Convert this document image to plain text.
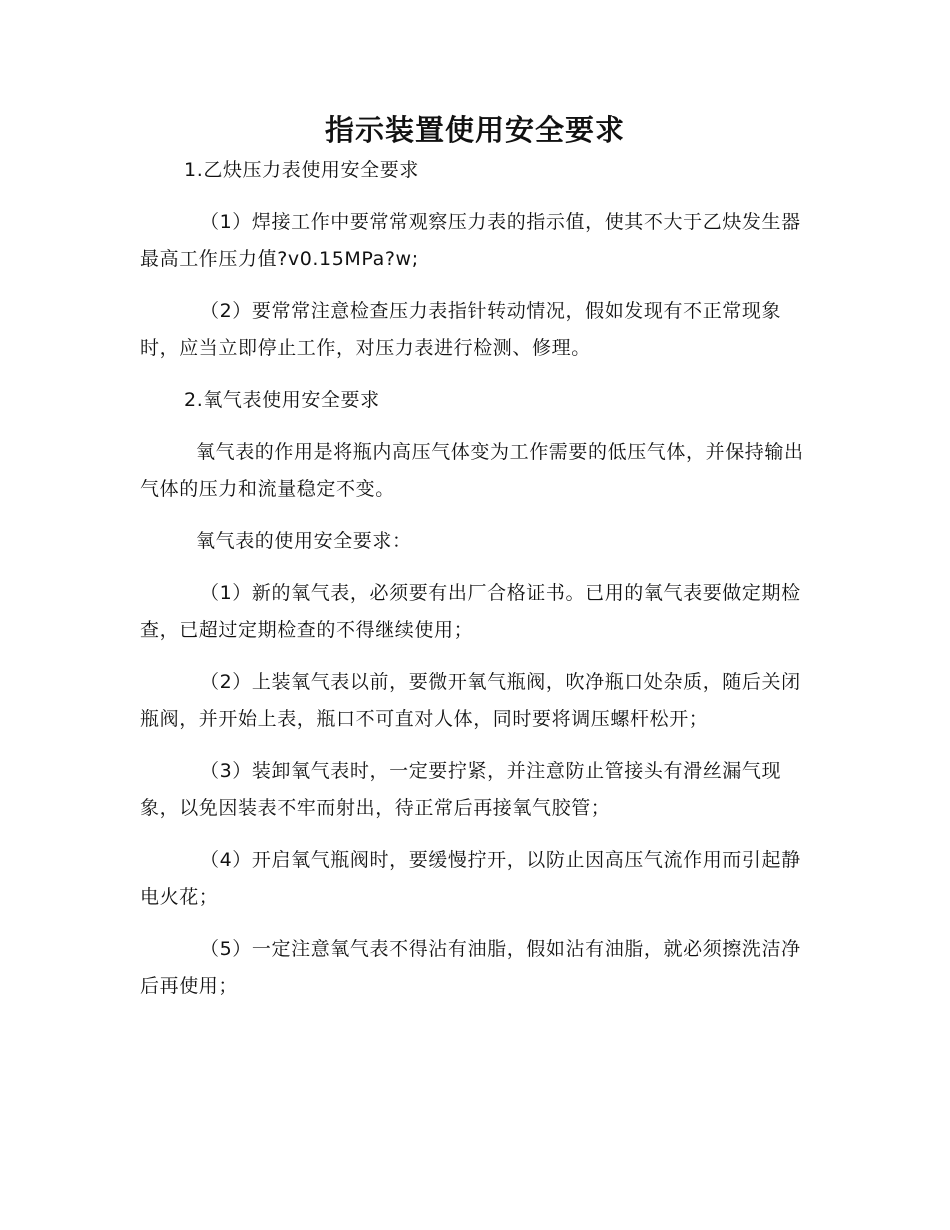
指示装置使用安全要求

1.乙炔压力表使用安全要求

（1）焊接工作中要常常观察压力表的指示值，使其不大于乙炔发生器最高工作压力值?v0.15MPa?w;

（2）要常常注意检查压力表指针转动情况，假如发现有不正常现象时，应当立即停止工作，对压力表进行检测、修理。

2.氧气表使用安全要求

氧气表的作用是将瓶内高压气体变为工作需要的低压气体，并保持输出气体的压力和流量稳定不变。

氧气表的使用安全要求：

（1）新的氧气表，必须要有出厂合格证书。已用的氧气表要做定期检查，已超过定期检查的不得继续使用；

（2）上装氧气表以前，要微开氧气瓶阀，吹净瓶口处杂质，随后关闭瓶阀，并开始上表，瓶口不可直对人体，同时要将调压螺杆松开；

（3）装卸氧气表时，一定要拧紧，并注意防止管接头有滑丝漏气现象，以免因装表不牢而射出，待正常后再接氧气胶管；

（4）开启氧气瓶阀时，要缓慢拧开，以防止因高压气流作用而引起静电火花；

（5）一定注意氧气表不得沾有油脂，假如沾有油脂，就必须擦洗洁净后再使用；
